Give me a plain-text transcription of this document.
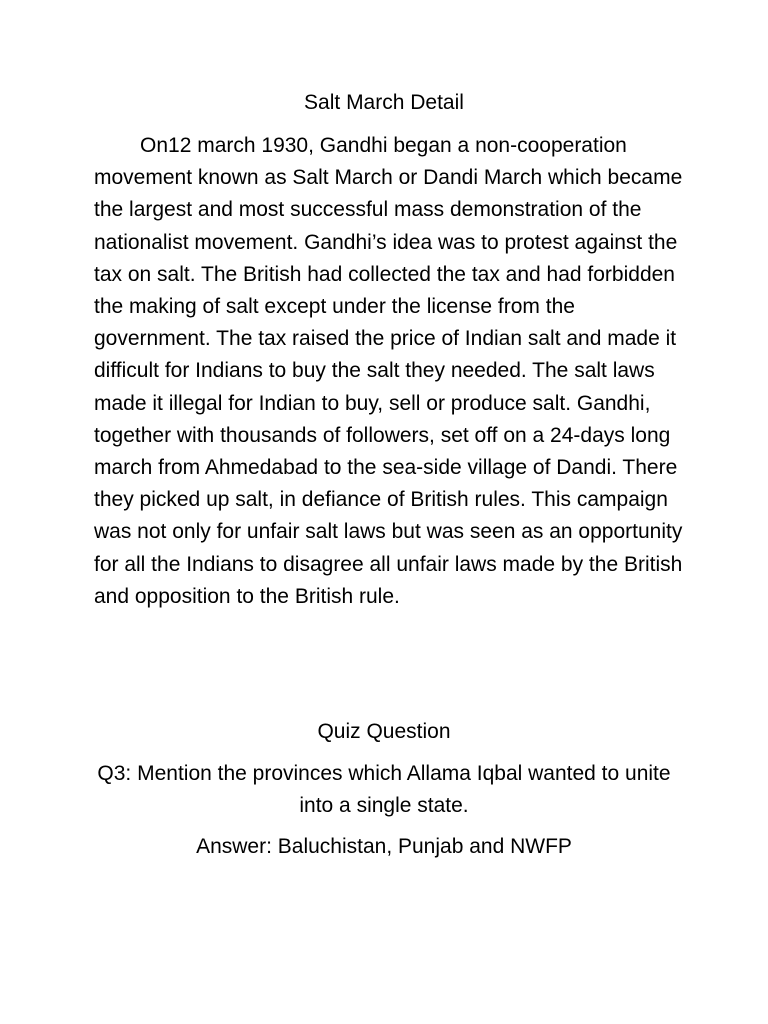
Salt March Detail

On12 march 1930, Gandhi began a non-cooperation movement known as Salt March or Dandi March which became the largest and most successful mass demonstration of the nationalist movement. Gandhi’s idea was to protest against the tax on salt. The British had collected the tax and had forbidden the making of salt except under the license from the government. The tax raised the price of Indian salt and made it difficult for Indians to buy the salt they needed. The salt laws made it illegal for Indian to buy, sell or produce salt. Gandhi, together with thousands of followers, set off on a 24-days long march from Ahmedabad to the sea-side village of Dandi. There they picked up salt, in defiance of British rules. This campaign was not only for unfair salt laws but was seen as an opportunity for all the Indians to disagree all unfair laws made by the British and opposition to the British rule.

Quiz Question

Q3: Mention the provinces which Allama Iqbal wanted to unite into a single state.

Answer: Baluchistan, Punjab and NWFP
